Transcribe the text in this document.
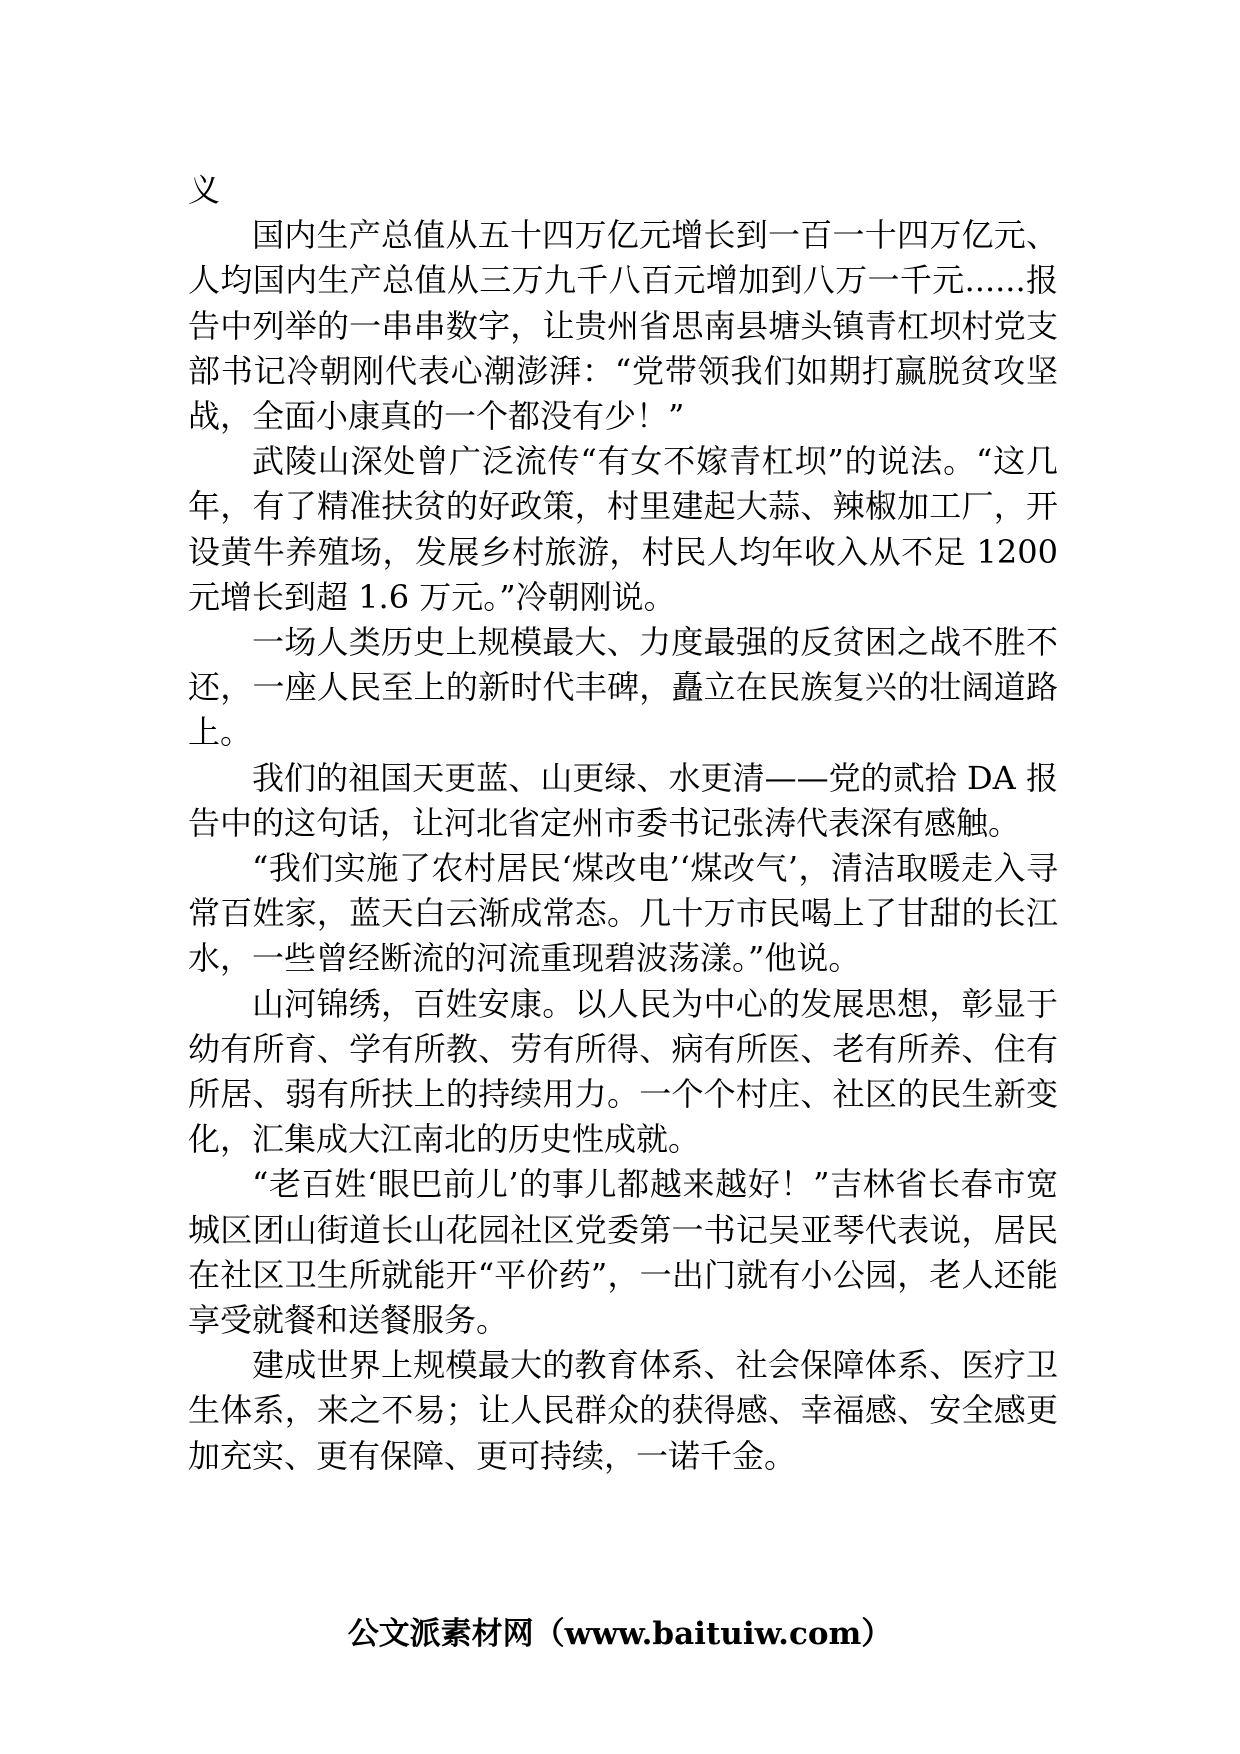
义

国内生产总值从五十四万亿元增长到一百一十四万亿元、人均国内生产总值从三万九千八百元增加到八万一千元......报告中列举的一串串数字，让贵州省思南县塘头镇青杠坝村党支部书记冷朝刚代表心潮澎湃：“党带领我们如期打赢脱贫攻坚战，全面小康真的一个都没有少！”

武陵山深处曾广泛流传“有女不嫁青杠坝”的说法。“这几年，有了精准扶贫的好政策，村里建起大蒜、辣椒加工厂，开设黄牛养殖场，发展乡村旅游，村民人均年收入从不足 1200 元增长到超 1.6 万元。”冷朝刚说。

一场人类历史上规模最大、力度最强的反贫困之战不胜不还，一座人民至上的新时代丰碑，矗立在民族复兴的壮阔道路上。

我们的祖国天更蓝、山更绿、水更清——党的贰拾 DA 报告中的这句话，让河北省定州市委书记张涛代表深有感触。

“我们实施了农村居民‘煤改电’‘煤改气’，清洁取暖走入寻常百姓家，蓝天白云渐成常态。几十万市民喝上了甘甜的长江水，一些曾经断流的河流重现碧波荡漾。”他说。

山河锦绣，百姓安康。以人民为中心的发展思想，彰显于幼有所育、学有所教、劳有所得、病有所医、老有所养、住有所居、弱有所扶上的持续用力。一个个村庄、社区的民生新变化，汇集成大江南北的历史性成就。

“老百姓‘眼巴前儿’的事儿都越来越好！”吉林省长春市宽城区团山街道长山花园社区党委第一书记吴亚琴代表说，居民在社区卫生所就能开“平价药”，一出门就有小公园，老人还能享受就餐和送餐服务。

建成世界上规模最大的教育体系、社会保障体系、医疗卫生体系，来之不易；让人民群众的获得感、幸福感、安全感更加充实、更有保障、更可持续，一诺千金。

公文派素材网（www.baituiw.com）
